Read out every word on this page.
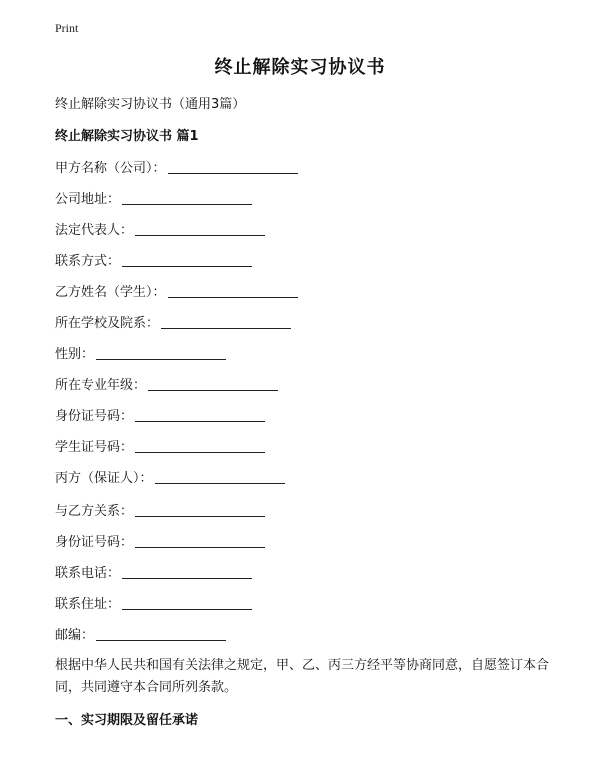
Print
终止解除实习协议书
终止解除实习协议书（通用3篇）
终止解除实习协议书 篇1
甲方名称（公司）：
公司地址：
法定代表人：
联系方式：
乙方姓名（学生）：
所在学校及院系：
性别：
所在专业年级：
身份证号码：
学生证号码：
丙方（保证人）：
与乙方关系：
身份证号码：
联系电话：
联系住址：
邮编：
根据中华人民共和国有关法律之规定，甲、乙、丙三方经平等协商同意，自愿签订本合同，共同遵守本合同所列条款。
一、实习期限及留任承诺
